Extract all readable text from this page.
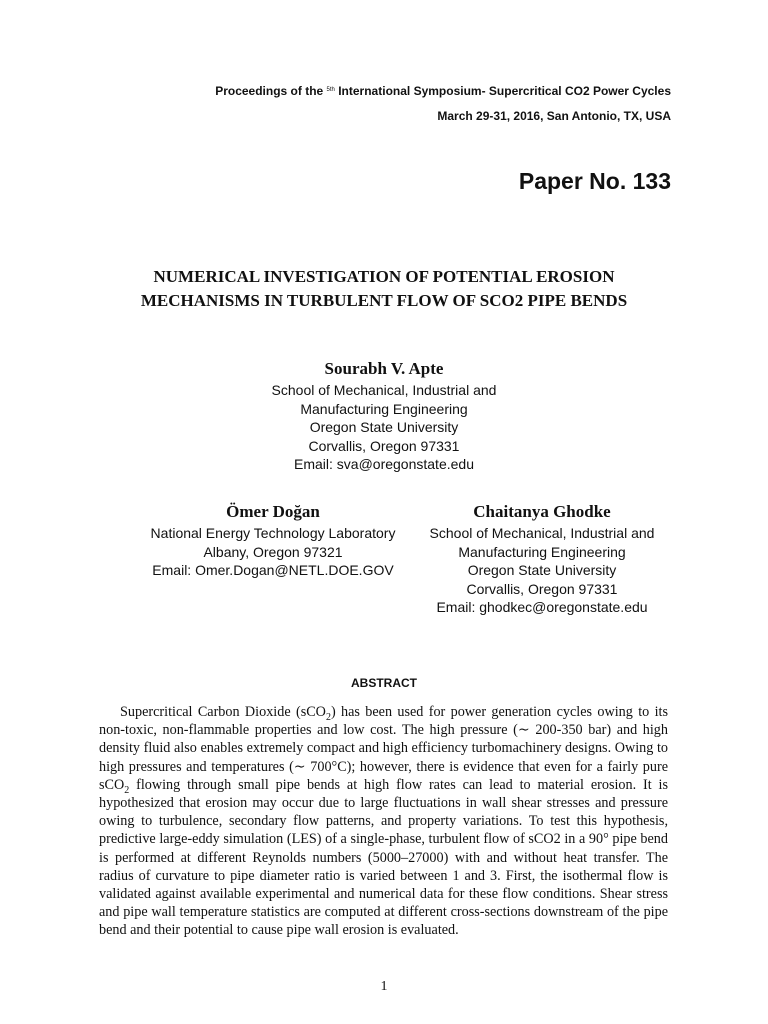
Proceedings of the $^{5th}$ International Symposium- Supercritical CO2 Power Cycles
March 29-31, 2016, San Antonio, TX, USA
Paper No. 133
NUMERICAL INVESTIGATION OF POTENTIAL EROSION
MECHANISMS IN TURBULENT FLOW OF SCO2 PIPE BENDS
Sourabh V. Apte
School of Mechanical, Industrial and
Manufacturing Engineering
Oregon State University
Corvallis, Oregon 97331
Email: sva@oregonstate.edu
Ömer Doğan
National Energy Technology Laboratory
Albany, Oregon 97321
Email: Omer.Dogan@NETL.DOE.GOV
Chaitanya Ghodke
School of Mechanical, Industrial and
Manufacturing Engineering
Oregon State University
Corvallis, Oregon 97331
Email: ghodkec@oregonstate.edu
ABSTRACT

Supercritical Carbon Dioxide (sCO$_2$) has been used for power generation cycles owing to its non-toxic, non-flammable properties and low cost. The high pressure (∼ 200-350 bar) and high density fluid also enables extremely compact and high efficiency turbomachinery designs. Owing to high pressures and temperatures (∼ 700°C); however, there is evidence that even for a fairly pure sCO$_2$ flowing through small pipe bends at high flow rates can lead to material erosion. It is hypothesized that erosion may occur due to large fluctuations in wall shear stresses and pressure owing to turbulence, secondary flow patterns, and property variations. To test this hypothesis, predictive large-eddy simulation (LES) of a single-phase, turbulent flow of sCO2 in a 90° pipe bend is performed at different Reynolds numbers (5000–27000) with and without heat transfer. The radius of curvature to pipe diameter ratio is varied between 1 and 3. First, the isothermal flow is validated against available experimental and numerical data for these flow conditions. Shear stress and pipe wall temperature statistics are computed at different cross-sections downstream of the pipe bend and their potential to cause pipe wall erosion is evaluated.

1
